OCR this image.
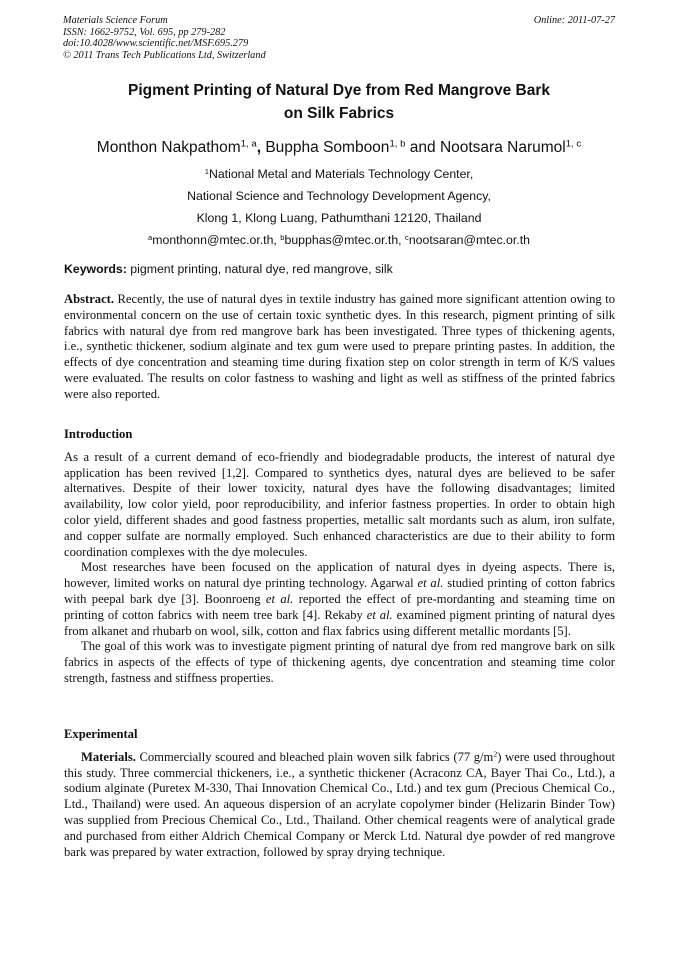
Materials Science Forum
ISSN: 1662-9752, Vol. 695, pp 279-282
doi:10.4028/www.scientific.net/MSF.695.279
© 2011 Trans Tech Publications Ltd, Switzerland
Online: 2011-07-27
Pigment Printing of Natural Dye from Red Mangrove Bark
on Silk Fabrics
Monthon Nakpathom$^{1, a}$, Buppha Somboon$^{1, b}$ and Nootsara Narumol$^{1, c}$
$^1$National Metal and Materials Technology Center,
National Science and Technology Development Agency,
Klong 1, Klong Luang, Pathumthani 12120, Thailand
$^a$monthonn@mtec.or.th, $^b$bupphas@mtec.or.th, $^c$nootsaran@mtec.or.th
Keywords: pigment printing, natural dye, red mangrove, silk

Abstract. Recently, the use of natural dyes in textile industry has gained more significant attention owing to environmental concern on the use of certain toxic synthetic dyes. In this research, pigment printing of silk fabrics with natural dye from red mangrove bark has been investigated. Three types of thickening agents, i.e., synthetic thickener, sodium alginate and tex gum were used to prepare printing pastes. In addition, the effects of dye concentration and steaming time during fixation step on color strength in term of K/S values were evaluated. The results on color fastness to washing and light as well as stiffness of the printed fabrics were also reported.

Introduction

As a result of a current demand of eco-friendly and biodegradable products, the interest of natural dye application has been revived [1,2]. Compared to synthetics dyes, natural dyes are believed to be safer alternatives. Despite of their lower toxicity, natural dyes have the following disadvantages; limited availability, low color yield, poor reproducibility, and inferior fastness properties. In order to obtain high color yield, different shades and good fastness properties, metallic salt mordants such as alum, iron sulfate, and copper sulfate are normally employed. Such enhanced characteristics are due to their ability to form coordination complexes with the dye molecules.

Most researches have been focused on the application of natural dyes in dyeing aspects. There is, however, limited works on natural dye printing technology. Agarwal et al. studied printing of cotton fabrics with peepal bark dye [3]. Boonroeng et al. reported the effect of pre-mordanting and steaming time on printing of cotton fabrics with neem tree bark [4]. Rekaby et al. examined pigment printing of natural dyes from alkanet and rhubarb on wool, silk, cotton and flax fabrics using different metallic mordants [5].

The goal of this work was to investigate pigment printing of natural dye from red mangrove bark on silk fabrics in aspects of the effects of type of thickening agents, dye concentration and steaming time color strength, fastness and stiffness properties.

Experimental

Materials. Commercially scoured and bleached plain woven silk fabrics (77 $g/m^2$) were used throughout this study. Three commercial thickeners, i.e., a synthetic thickener (Acraconz CA, Bayer Thai Co., Ltd.), a sodium alginate (Puretex M-330, Thai Innovation Chemical Co., Ltd.) and tex gum (Precious Chemical Co., Ltd., Thailand) were used. An aqueous dispersion of an acrylate copolymer binder (Helizarin Binder Tow) was supplied from Precious Chemical Co., Ltd., Thailand. Other chemical reagents were of analytical grade and purchased from either Aldrich Chemical Company or Merck Ltd. Natural dye powder of red mangrove bark was prepared by water extraction, followed by spray drying technique.
